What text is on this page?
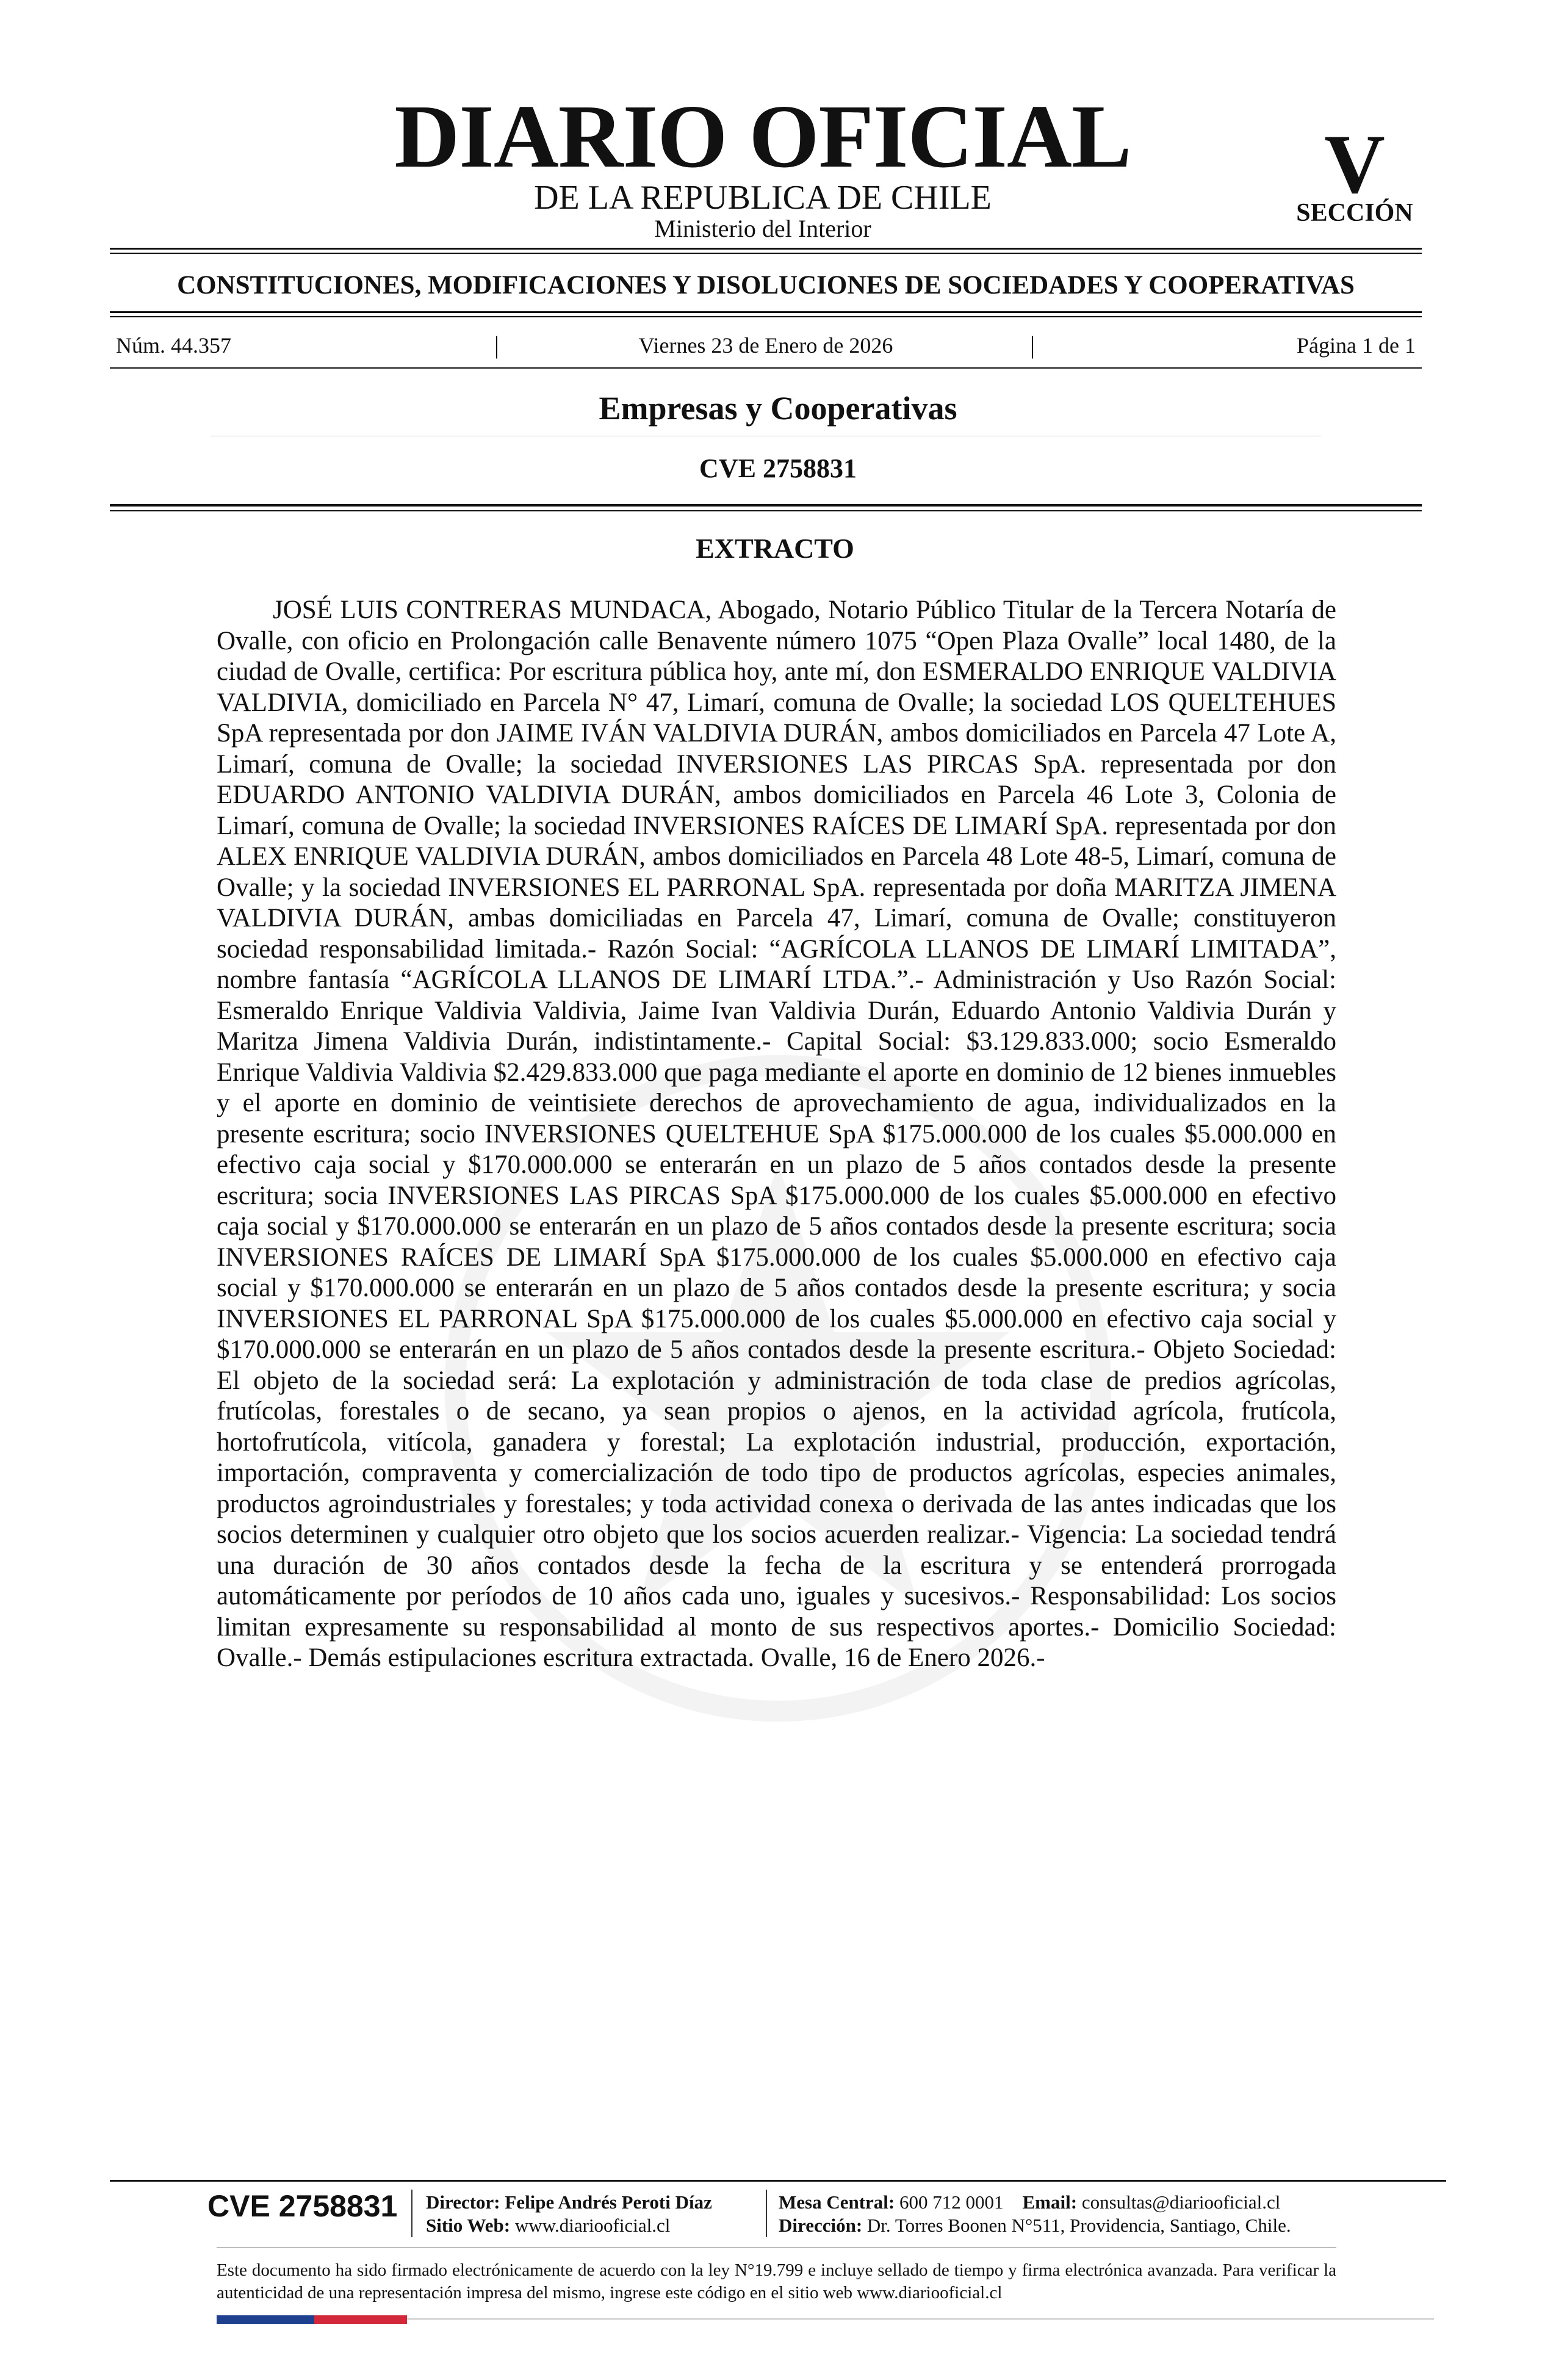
DIARIO OFICIAL
DE LA REPUBLICA DE CHILE
Ministerio del Interior
V
SECCIÓN
CONSTITUCIONES, MODIFICACIONES Y DISOLUCIONES DE SOCIEDADES Y COOPERATIVAS
Núm. 44.357	|	Viernes 23 de Enero de 2026	|	Página 1 de 1
Empresas y Cooperativas
CVE 2758831
EXTRACTO
JOSÉ LUIS CONTRERAS MUNDACA, Abogado, Notario Público Titular de la Tercera Notaría de Ovalle, con oficio en Prolongación calle Benavente número 1075 “Open Plaza Ovalle” local 1480, de la ciudad de Ovalle, certifica: Por escritura pública hoy, ante mí, don ESMERALDO ENRIQUE VALDIVIA VALDIVIA, domiciliado en Parcela N° 47, Limarí, comuna de Ovalle; la sociedad LOS QUELTEHUES SpA representada por don JAIME IVÁN VALDIVIA DURÁN, ambos domiciliados en Parcela 47 Lote A, Limarí, comuna de Ovalle; la sociedad INVERSIONES LAS PIRCAS SpA. representada por don EDUARDO ANTONIO VALDIVIA DURÁN, ambos domiciliados en Parcela 46 Lote 3, Colonia de Limarí, comuna de Ovalle; la sociedad INVERSIONES RAÍCES DE LIMARÍ SpA. representada por don ALEX ENRIQUE VALDIVIA DURÁN, ambos domiciliados en Parcela 48 Lote 48-5, Limarí, comuna de Ovalle; y la sociedad INVERSIONES EL PARRONAL SpA. representada por doña MARITZA JIMENA VALDIVIA DURÁN, ambas domiciliadas en Parcela 47, Limarí, comuna de Ovalle; constituyeron sociedad responsabilidad limitada.- Razón Social: “AGRÍCOLA LLANOS DE LIMARÍ LIMITADA”, nombre fantasía “AGRÍCOLA LLANOS DE LIMARÍ LTDA.”.- Administración y Uso Razón Social: Esmeraldo Enrique Valdivia Valdivia, Jaime Ivan Valdivia Durán, Eduardo Antonio Valdivia Durán y Maritza Jimena Valdivia Durán, indistintamente.- Capital Social: $3.129.833.000; socio Esmeraldo Enrique Valdivia Valdivia $2.429.833.000 que paga mediante el aporte en dominio de 12 bienes inmuebles y el aporte en dominio de veintisiete derechos de aprovechamiento de agua, individualizados en la presente escritura; socio INVERSIONES QUELTEHUE SpA $175.000.000 de los cuales $5.000.000 en efectivo caja social y $170.000.000 se enterarán en un plazo de 5 años contados desde la presente escritura; socia INVERSIONES LAS PIRCAS SpA $175.000.000 de los cuales $5.000.000 en efectivo caja social y $170.000.000 se enterarán en un plazo de 5 años contados desde la presente escritura; socia INVERSIONES RAÍCES DE LIMARÍ SpA $175.000.000 de los cuales $5.000.000 en efectivo caja social y $170.000.000 se enterarán en un plazo de 5 años contados desde la presente escritura; y socia INVERSIONES EL PARRONAL SpA $175.000.000 de los cuales $5.000.000 en efectivo caja social y $170.000.000 se enterarán en un plazo de 5 años contados desde la presente escritura.- Objeto Sociedad: El objeto de la sociedad será: La explotación y administración de toda clase de predios agrícolas, frutícolas, forestales o de secano, ya sean propios o ajenos, en la actividad agrícola, frutícola, hortofrutícola, vitícola, ganadera y forestal; La explotación industrial, producción, exportación, importación, compraventa y comercialización de todo tipo de productos agrícolas, especies animales, productos agroindustriales y forestales; y toda actividad conexa o derivada de las antes indicadas que los socios determinen y cualquier otro objeto que los socios acuerden realizar.- Vigencia: La sociedad tendrá una duración de 30 años contados desde la fecha de la escritura y se entenderá prorrogada automáticamente por períodos de 10 años cada uno, iguales y sucesivos.- Responsabilidad: Los socios limitan expresamente su responsabilidad al monto de sus respectivos aportes.- Domicilio Sociedad: Ovalle.- Demás estipulaciones escritura extractada. Ovalle, 16 de Enero 2026.-
CVE 2758831 Director: Felipe Andrés Peroti Díaz
Sitio Web: www.diariooficial.cl
Mesa Central: 600 712 0001 Email: consultas@diariooficial.cl
Dirección: Dr. Torres Boonen N°511, Providencia, Santiago, Chile.
Este documento ha sido firmado electrónicamente de acuerdo con la ley N°19.799 e incluye sellado de tiempo y firma electrónica avanzada. Para verificar la autenticidad de una representación impresa del mismo, ingrese este código en el sitio web www.diariooficial.cl
